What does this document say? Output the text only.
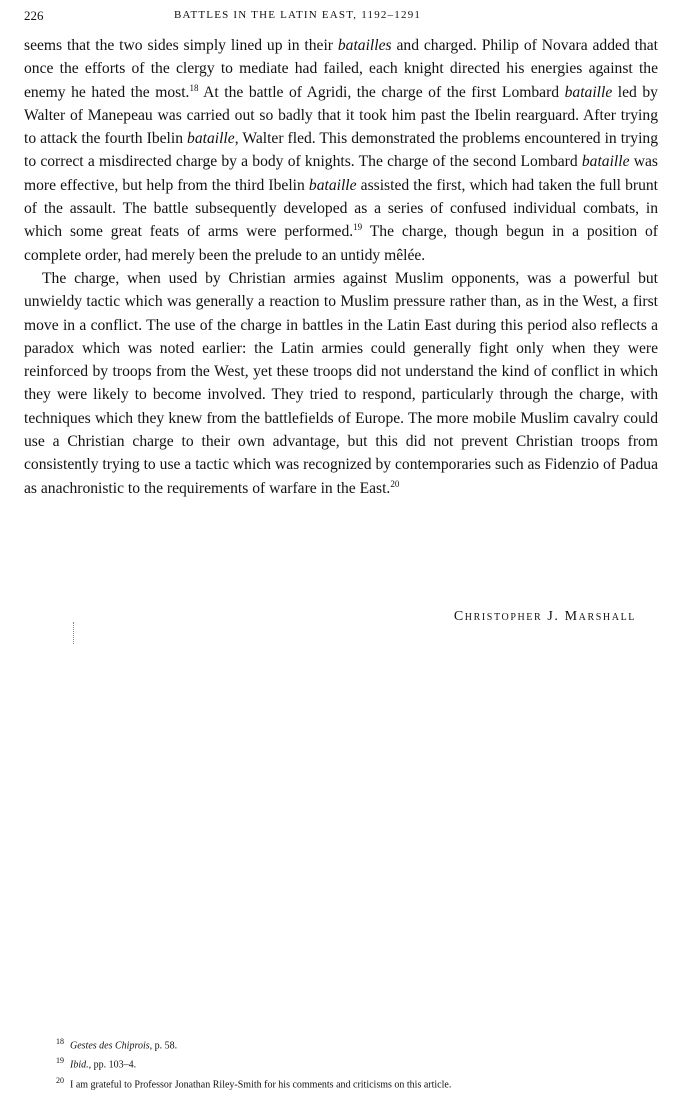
226	BATTLES IN THE LATIN EAST, 1192–1291

seems that the two sides simply lined up in their batailles and charged. Philip of Novara added that once the efforts of the clergy to mediate had failed, each knight directed his energies against the enemy he hated the most.$^{18}$ At the battle of Agridi, the charge of the first Lombard bataille led by Walter of Manepeau was carried out so badly that it took him past the Ibelin rearguard. After trying to attack the fourth Ibelin bataille, Walter fled. This demonstrated the problems encountered in trying to correct a misdirected charge by a body of knights. The charge of the second Lombard bataille was more effective, but help from the third Ibelin bataille assisted the first, which had taken the full brunt of the assault. The battle subsequently developed as a series of confused individual combats, in which some great feats of arms were performed.$^{19}$ The charge, though begun in a position of complete order, had merely been the prelude to an untidy mêlée.

The charge, when used by Christian armies against Muslim opponents, was a powerful but unwieldy tactic which was generally a reaction to Muslim pressure rather than, as in the West, a first move in a conflict. The use of the charge in battles in the Latin East during this period also reflects a paradox which was noted earlier: the Latin armies could generally fight only when they were reinforced by troops from the West, yet these troops did not understand the kind of conflict in which they were likely to become involved. They tried to respond, particularly through the charge, with techniques which they knew from the battlefields of Europe. The more mobile Muslim cavalry could use a Christian charge to their own advantage, but this did not prevent Christian troops from consistently trying to use a tactic which was recognized by contemporaries such as Fidenzio of Padua as anachronistic to the requirements of warfare in the East.$^{20}$

Christopher J. Marshall
$^{18}$ Gestes des Chiprois, p. 58.
$^{19}$ Ibid., pp. 103–4.
$^{20}$ I am grateful to Professor Jonathan Riley-Smith for his comments and criticisms on this article.
